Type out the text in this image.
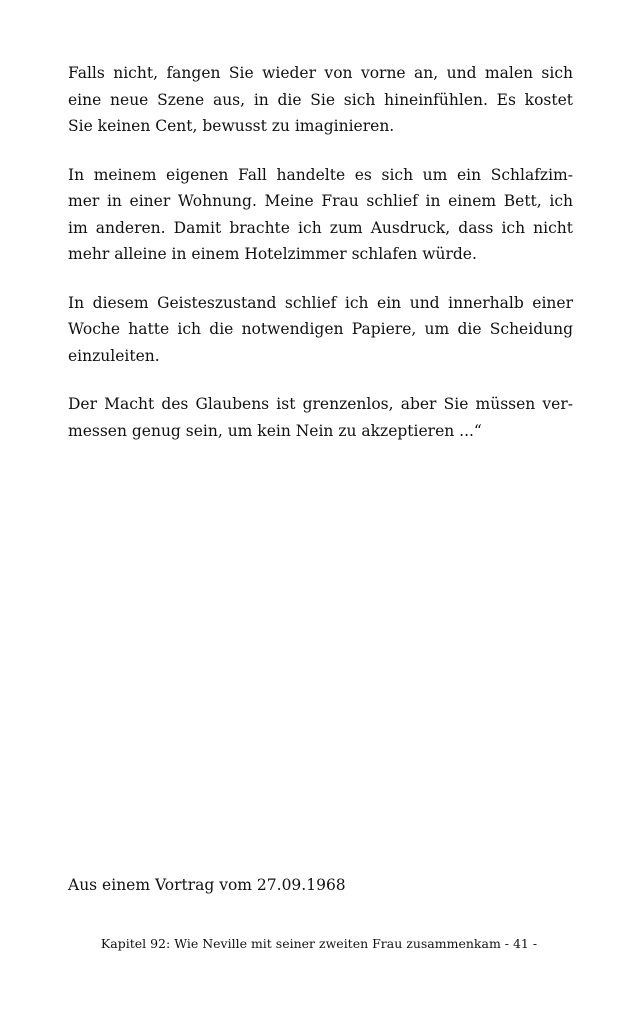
Falls nicht, fangen Sie wieder von vorne an, und malen sich
eine neue Szene aus, in die Sie sich hineinfühlen. Es kostet
Sie keinen Cent, bewusst zu imaginieren.

In meinem eigenen Fall handelte es sich um ein Schlafzim-
mer in einer Wohnung. Meine Frau schlief in einem Bett, ich
im anderen. Damit brachte ich zum Ausdruck, dass ich nicht
mehr alleine in einem Hotelzimmer schlafen würde.

In diesem Geisteszustand schlief ich ein und innerhalb einer
Woche hatte ich die notwendigen Papiere, um die Scheidung
einzuleiten.

Der Macht des Glaubens ist grenzenlos, aber Sie müssen ver-
messen genug sein, um kein Nein zu akzeptieren ...“

Aus einem Vortrag vom 27.09.1968

Kapitel 92: Wie Neville mit seiner zweiten Frau zusammenkam - 41 -
